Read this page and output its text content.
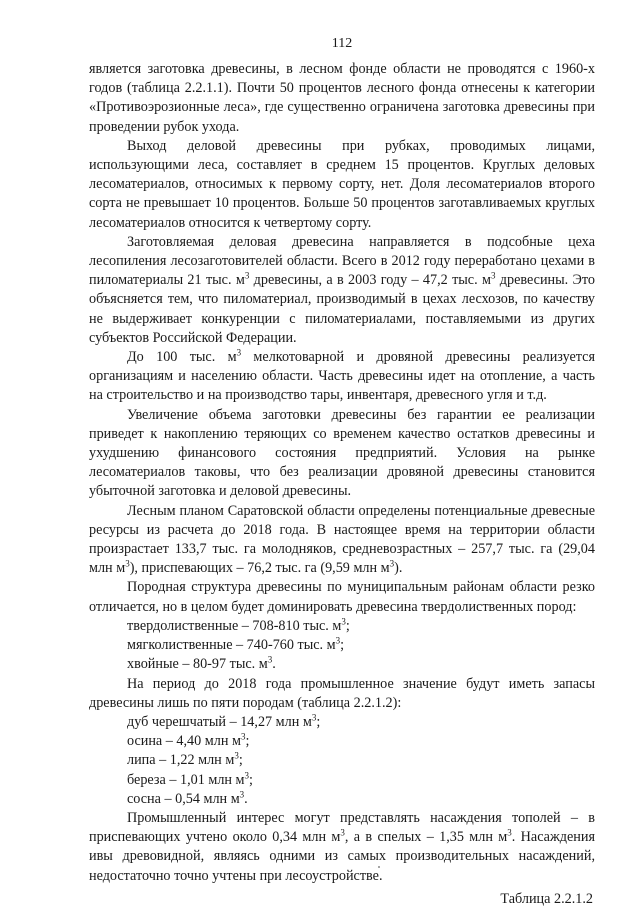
112

является заготовка древесины, в лесном фонде области не проводятся с 1960-х годов (таблица 2.2.1.1). Почти 50 процентов лесного фонда отнесены к категории «Противоэрозионные леса», где существенно ограничена заготовка древесины при проведении рубок ухода.

Выход деловой древесины при рубках, проводимых лицами, использующими леса, составляет в среднем 15 процентов. Круглых деловых лесоматериалов, относимых к первому сорту, нет. Доля лесоматериалов второго сорта не превышает 10 процентов. Больше 50 процентов заготавливаемых круглых лесоматериалов относится к четвертому сорту.

Заготовляемая деловая древесина направляется в подсобные цеха лесопиления лесозаготовителей области. Всего в 2012 году переработано цехами в пиломатериалы 21 тыс. $м^3$ древесины, а в 2003 году – 47,2 тыс. $м^3$ древесины. Это объясняется тем, что пиломатериал, производимый в цехах лесхозов, по качеству не выдерживает конкуренции с пиломатериалами, поставляемыми из других субъектов Российской Федерации.

До 100 тыс. $м^3$ мелкотоварной и дровяной древесины реализуется организациям и населению области. Часть древесины идет на отопление, а часть на строительство и на производство тары, инвентаря, древесного угля и т.д.

Увеличение объема заготовки древесины без гарантии ее реализации приведет к накоплению теряющих со временем качество остатков древесины и ухудшению финансового состояния предприятий. Условия на рынке лесоматериалов таковы, что без реализации дровяной древесины становится убыточной заготовка и деловой древесины.

Лесным планом Саратовской области определены потенциальные древесные ресурсы из расчета до 2018 года. В настоящее время на территории области произрастает 133,7 тыс. га молодняков, средневозрастных – 257,7 тыс. га (29,04 млн $м^3$), приспевающих – 76,2 тыс. га (9,59 млн $м^3$).

Породная структура древесины по муниципальным районам области резко отличается, но в целом будет доминировать древесина твердолиственных пород:

твердолиственные – 708-810 тыс. $м^3$;

мягколиственные – 740-760 тыс. $м^3$;

хвойные – 80-97 тыс. $м^3$.

На период до 2018 года промышленное значение будут иметь запасы древесины лишь по пяти породам (таблица 2.2.1.2):

дуб черешчатый – 14,27 млн $м^3$;

осина – 4,40 млн $м^3$;

липа – 1,22 млн $м^3$;

береза – 1,01 млн $м^3$;

сосна – 0,54 млн $м^3$.

Промышленный интерес могут представлять насаждения тополей – в приспевающих учтено около 0,34 млн $м^3$, а в спелых – 1,35 млн $м^3$. Насаждения ивы древовидной, являясь одними из самых производительных насаждений, недостаточно точно учтены при лесоустройстве.

Таблица 2.2.1.2
